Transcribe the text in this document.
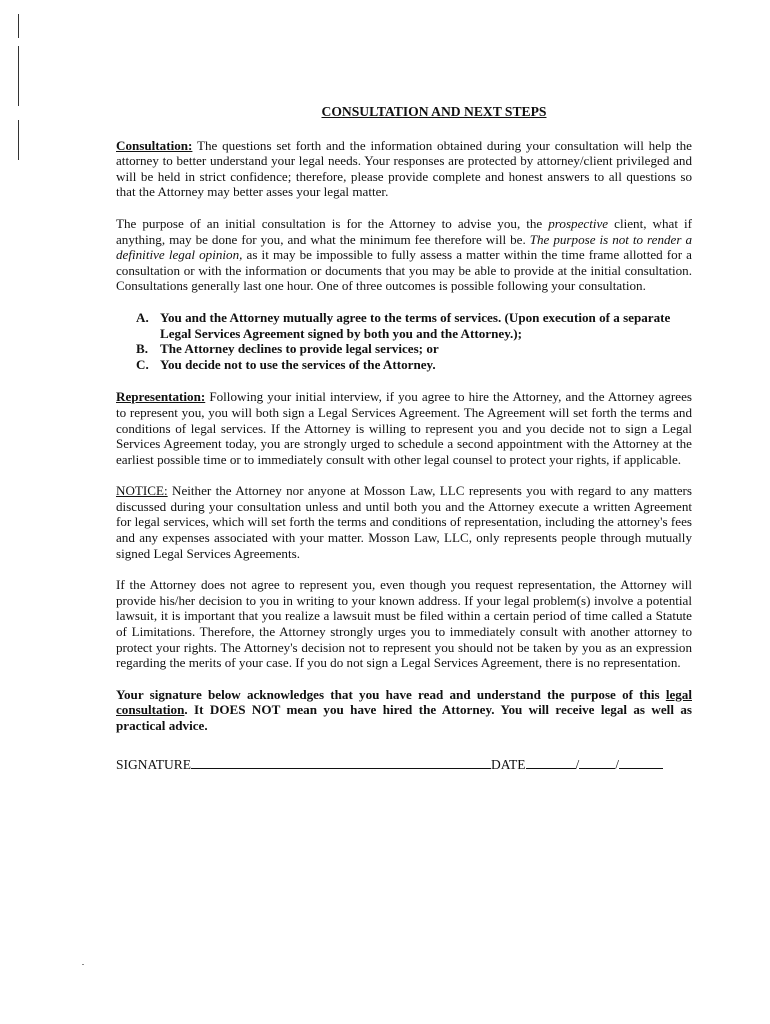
CONSULTATION AND NEXT STEPS

Consultation: The questions set forth and the information obtained during your consultation will help the attorney to better understand your legal needs. Your responses are protected by attorney/client privileged and will be held in strict confidence; therefore, please provide complete and honest answers to all questions so that the Attorney may better asses your legal matter.

The purpose of an initial consultation is for the Attorney to advise you, the prospective client, what if anything, may be done for you, and what the minimum fee therefore will be. The purpose is not to render a definitive legal opinion, as it may be impossible to fully assess a matter within the time frame allotted for a consultation or with the information or documents that you may be able to provide at the initial consultation. Consultations generally last one hour. One of three outcomes is possible following your consultation.

A. You and the Attorney mutually agree to the terms of services. (Upon execution of a separate Legal Services Agreement signed by both you and the Attorney.);
B. The Attorney declines to provide legal services; or
C. You decide not to use the services of the Attorney.

Representation: Following your initial interview, if you agree to hire the Attorney, and the Attorney agrees to represent you, you will both sign a Legal Services Agreement. The Agreement will set forth the terms and conditions of legal services. If the Attorney is willing to represent you and you decide not to sign a Legal Services Agreement today, you are strongly urged to schedule a second appointment with the Attorney at the earliest possible time or to immediately consult with other legal counsel to protect your rights, if applicable.

NOTICE: Neither the Attorney nor anyone at Mosson Law, LLC represents you with regard to any matters discussed during your consultation unless and until both you and the Attorney execute a written Agreement for legal services, which will set forth the terms and conditions of representation, including the attorney's fees and any expenses associated with your matter. Mosson Law, LLC, only represents people through mutually signed Legal Services Agreements.

If the Attorney does not agree to represent you, even though you request representation, the Attorney will provide his/her decision to you in writing to your known address. If your legal problem(s) involve a potential lawsuit, it is important that you realize a lawsuit must be filed within a certain period of time called a Statute of Limitations. Therefore, the Attorney strongly urges you to immediately consult with another attorney to protect your rights. The Attorney's decision not to represent you should not be taken by you as an expression regarding the merits of your case. If you do not sign a Legal Services Agreement, there is no representation.

Your signature below acknowledges that you have read and understand the purpose of this legal consultation. It DOES NOT mean you have hired the Attorney. You will receive legal as well as practical advice.

SIGNATURE	DATE	/	/
